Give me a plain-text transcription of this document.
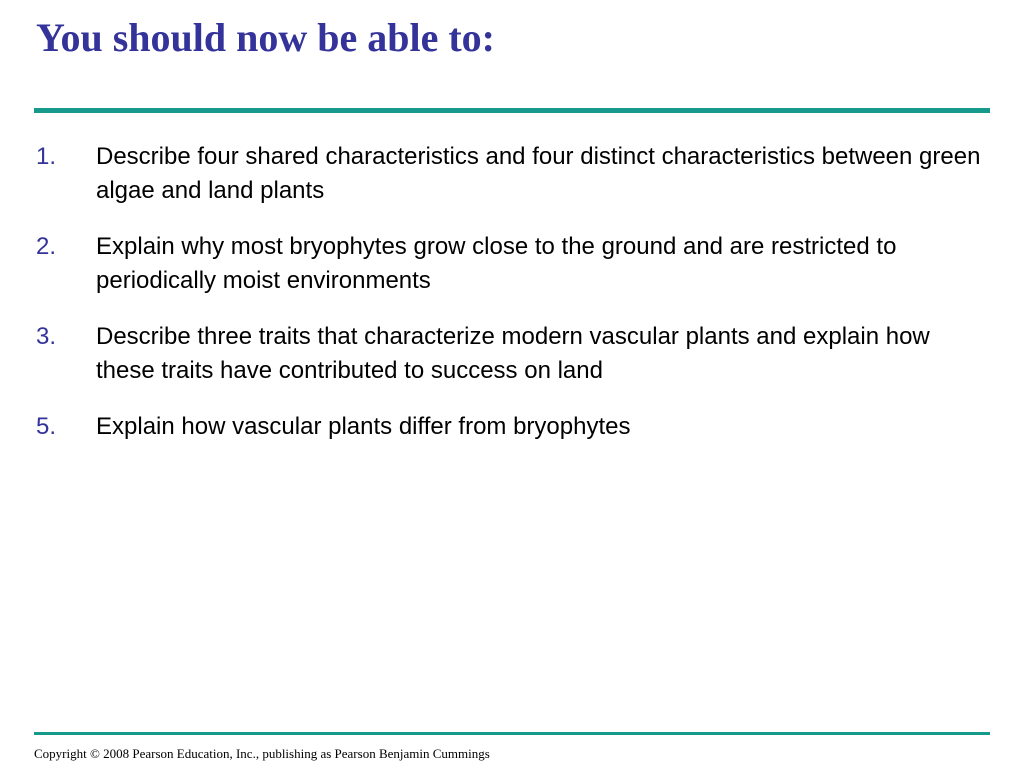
You should now be able to:
1. Describe four shared characteristics and four distinct characteristics between green algae and land plants
2. Explain why most bryophytes grow close to the ground and are restricted to periodically moist environments
3. Describe three traits that characterize modern vascular plants and explain how these traits have contributed to success on land
5. Explain how vascular plants differ from bryophytes

Copyright © 2008 Pearson Education, Inc., publishing as Pearson Benjamin Cummings
